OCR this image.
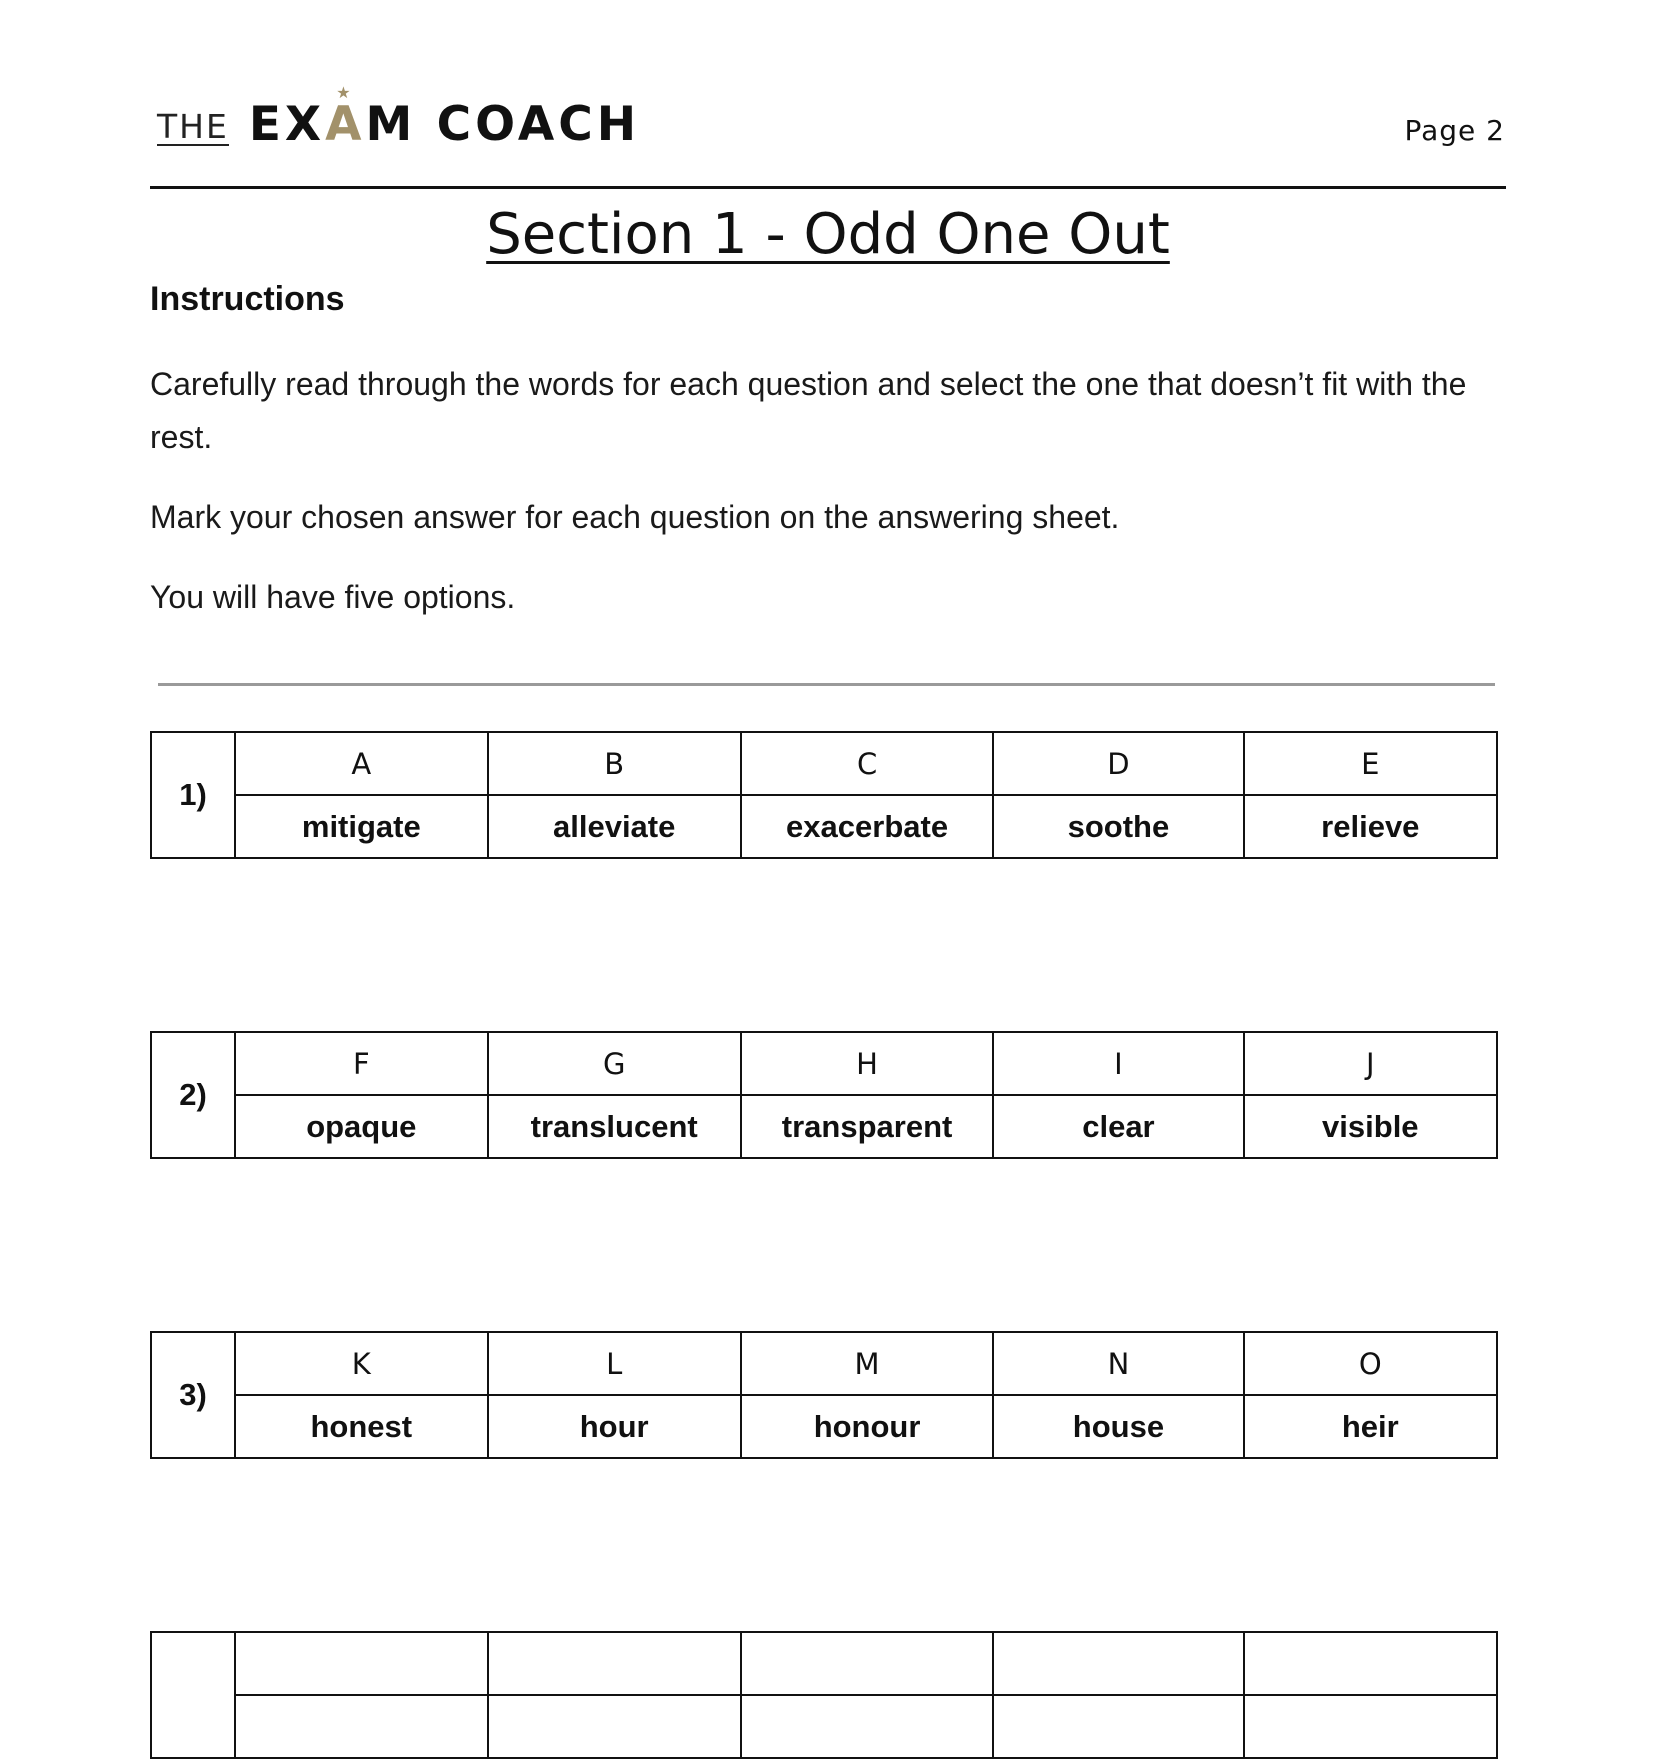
THE EX
★
AM COACH	Page 2
Section 1 - Odd One Out
Instructions
Carefully read through the words for each question and select the one that doesn’t fit with the rest.
Mark your chosen answer for each question on the answering sheet.
You will have five options.
1)	A	B	C	D	E
	mitigate	alleviate	exacerbate	soothe	relieve
2)	F	G	H	I	J
	opaque	translucent	transparent	clear	visible
3)	K	L	M	N	O
	honest	hour	honour	house	heir
